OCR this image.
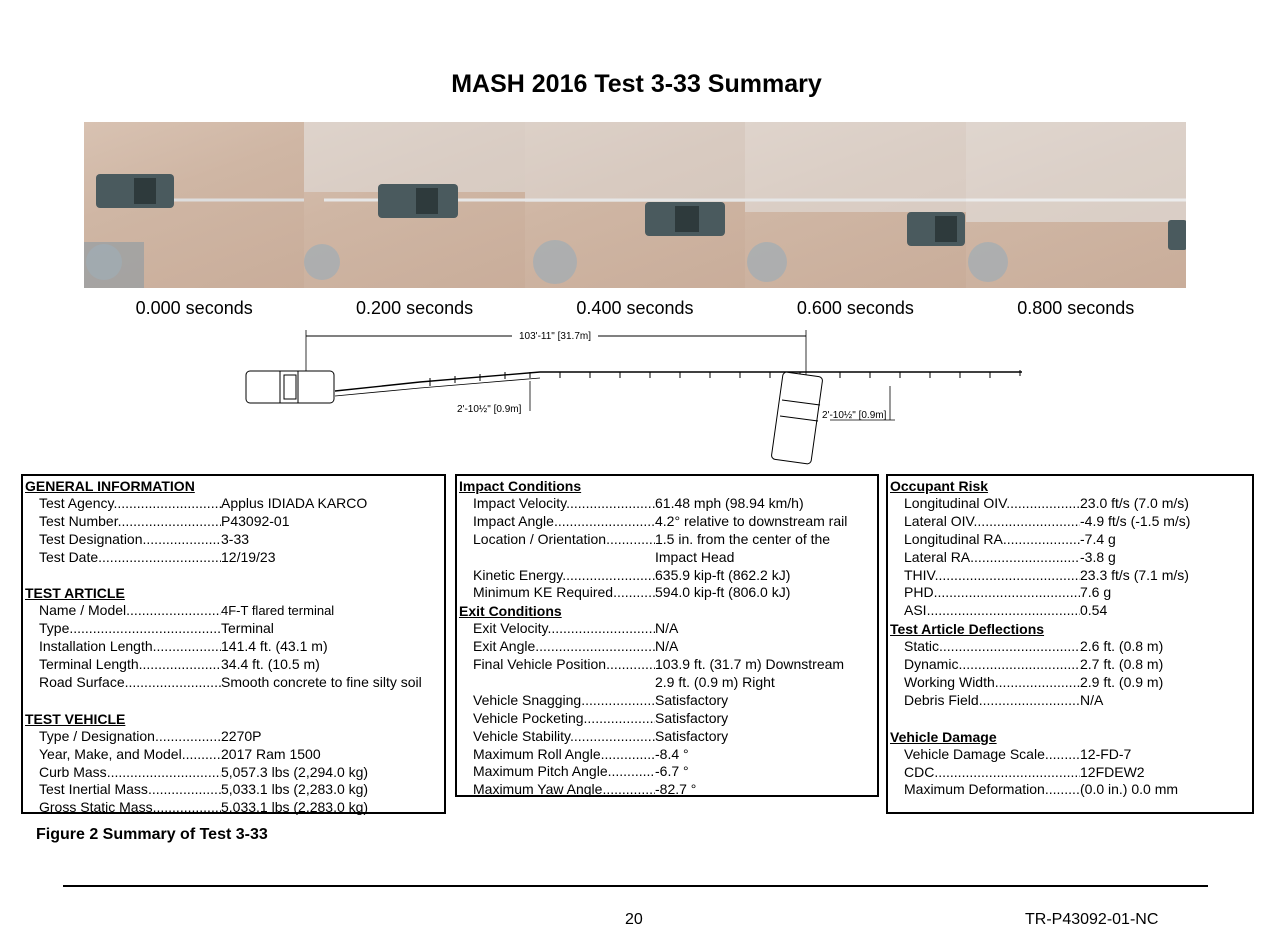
MASH 2016 Test 3-33 Summary
0.000 seconds	0.200 seconds	0.400 seconds	0.600 seconds	0.800 seconds
103'-11" [31.7m]
2'-10½" [0.9m]
2'-10½" [0.9m]
GENERAL INFORMATION
Test Agency .....	Applus IDIADA KARCO
Test Number .....	P43092-01
Test Designation .....	3-33
Test Date .....	12/19/23
TEST ARTICLE
Name / Model .....	4F-T flared terminal
Type .....	Terminal
Installation Length .....	141.4 ft. (43.1 m)
Terminal Length .....	34.4 ft. (10.5 m)
Road Surface .....	Smooth concrete to fine silty soil
TEST VEHICLE
Type / Designation .....	2270P
Year, Make, and Model .....	2017 Ram 1500
Curb Mass .....	5,057.3 lbs (2,294.0 kg)
Test Inertial Mass .....	5,033.1 lbs (2,283.0 kg)
Gross Static Mass .....	5,033.1 lbs (2,283.0 kg)
Impact Conditions
Impact Velocity .....	61.48 mph (98.94 km/h)
Impact Angle .....	4.2° relative to downstream rail
Location / Orientation .....	1.5 in. from the center of the
Impact Head
Kinetic Energy .....	635.9 kip-ft (862.2 kJ)
Minimum KE Required .....	594.0 kip-ft (806.0 kJ)
Exit Conditions
Exit Velocity .....	N/A
Exit Angle .....	N/A
Final Vehicle Position .....	103.9 ft. (31.7 m) Downstream
2.9 ft. (0.9 m) Right
Vehicle Snagging .....	Satisfactory
Vehicle Pocketing .....	Satisfactory
Vehicle Stability .....	Satisfactory
Maximum Roll Angle .....	-8.4 °
Maximum Pitch Angle .....	-6.7 °
Maximum Yaw Angle .....	-82.7 °
Occupant Risk
Longitudinal OIV .....	23.0 ft/s (7.0 m/s)
Lateral OIV .....	-4.9 ft/s (-1.5 m/s)
Longitudinal RA .....	-7.4 g
Lateral RA .....	-3.8 g
THIV .....	23.3 ft/s (7.1 m/s)
PHD .....	7.6 g
ASI .....	0.54
Test Article Deflections
Static .....	2.6 ft. (0.8 m)
Dynamic .....	2.7 ft. (0.8 m)
Working Width .....	2.9 ft. (0.9 m)
Debris Field .....	N/A
Vehicle Damage
Vehicle Damage Scale .....	12-FD-7
CDC .....	12FDEW2
Maximum Deformation .....	(0.0 in.) 0.0 mm
Figure 2 Summary of Test 3-33
20	TR-P43092-01-NC
